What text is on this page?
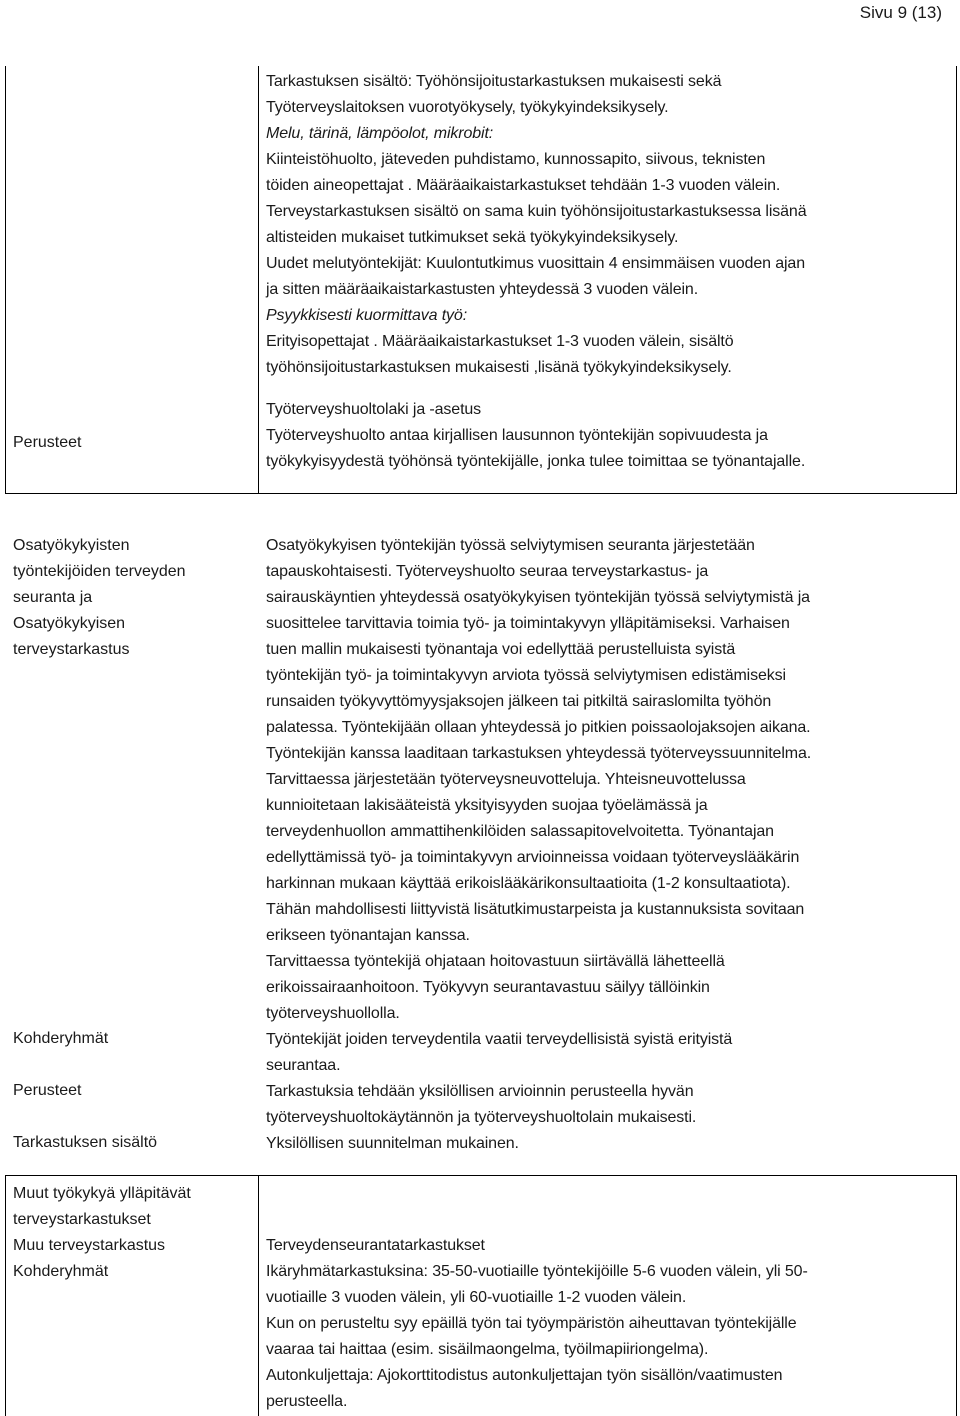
Sivu 9 (13)

Tarkastuksen sisältö: Työhönsijoitustarkastuksen mukaisesti sekä

Työterveyslaitoksen vuorotyökysely, työkykyindeksikysely.

Melu, tärinä, lämpöolot, mikrobit:

Kiinteistöhuolto, jäteveden puhdistamo, kunnossapito, siivous, teknisten

töiden aineopettajat . Määräaikaistarkastukset tehdään 1-3 vuoden välein.

Terveystarkastuksen sisältö on sama kuin työhönsijoitustarkastuksessa lisänä

altisteiden mukaiset tutkimukset sekä työkykyindeksikysely.

Uudet melutyöntekijät: Kuulontutkimus vuosittain 4 ensimmäisen vuoden ajan

ja sitten määräaikaistarkastusten yhteydessä 3 vuoden välein.

Psyykkisesti kuormittava työ:

Erityisopettajat . Määräaikaistarkastukset 1-3 vuoden välein, sisältö

työhönsijoitustarkastuksen mukaisesti ,lisänä työkykyindeksikysely.

Perusteet

Työterveyshuoltolaki ja -asetus

Työterveyshuolto antaa kirjallisen lausunnon työntekijän sopivuudesta ja

työkykyisyydestä työhönsä työntekijälle, jonka tulee toimittaa se työnantajalle.

Osatyökykyisten

työntekijöiden terveyden

seuranta ja

Osatyökykyisen

terveystarkastus

Kohderyhmät

Perusteet

Tarkastuksen sisältö

Osatyökykyisen työntekijän työssä selviytymisen seuranta järjestetään

tapauskohtaisesti. Työterveyshuolto seuraa terveystarkastus- ja

sairauskäyntien yhteydessä osatyökykyisen työntekijän työssä selviytymistä ja

suosittelee tarvittavia toimia työ- ja toimintakyvyn ylläpitämiseksi. Varhaisen

tuen mallin mukaisesti työnantaja voi edellyttää perustelluista syistä

työntekijän työ- ja toimintakyvyn arviota työssä selviytymisen edistämiseksi

runsaiden työkyvyttömyysjaksojen jälkeen tai pitkiltä sairaslomilta työhön

palatessa. Työntekijään ollaan yhteydessä jo pitkien poissaolojaksojen aikana.

Työntekijän kanssa laaditaan tarkastuksen yhteydessä työterveyssuunnitelma.

Tarvittaessa järjestetään työterveysneuvotteluja. Yhteisneuvottelussa

kunnioitetaan lakisääteistä yksityisyyden suojaa työelämässä ja

terveydenhuollon ammattihenkilöiden salassapitovelvoitetta. Työnantajan

edellyttämissä työ- ja toimintakyvyn arvioinneissa voidaan työterveyslääkärin

harkinnan mukaan käyttää erikoislääkärikonsultaatioita (1-2 konsultaatiota).

Tähän mahdollisesti liittyvistä lisätutkimustarpeista ja kustannuksista sovitaan

erikseen työnantajan kanssa.

Tarvittaessa työntekijä ohjataan hoitovastuun siirtävällä lähetteellä

erikoissairaanhoitoon. Työkyvyn seurantavastuu säilyy tällöinkin

työterveyshuollolla.

Työntekijät joiden terveydentila vaatii terveydellisistä syistä erityistä

seurantaa.

Tarkastuksia tehdään yksilöllisen arvioinnin perusteella hyvän

työterveyshuoltokäytännön ja työterveyshuoltolain mukaisesti.

Yksilöllisen suunnitelman mukainen.

Muut työkykyä ylläpitävät

terveystarkastukset

Muu terveystarkastus

Kohderyhmät

Terveydenseurantatarkastukset

Ikäryhmätarkastuksina: 35-50-vuotiaille työntekijöille 5-6 vuoden välein, yli 50-

vuotiaille 3 vuoden välein, yli 60-vuotiaille 1-2 vuoden välein.

Kun on perusteltu syy epäillä työn tai työympäristön aiheuttavan työntekijälle

vaaraa tai haittaa (esim. sisäilmaongelma, työilmapiiriongelma).

Autonkuljettaja: Ajokorttitodistus autonkuljettajan työn sisällön/vaatimusten

perusteella.
